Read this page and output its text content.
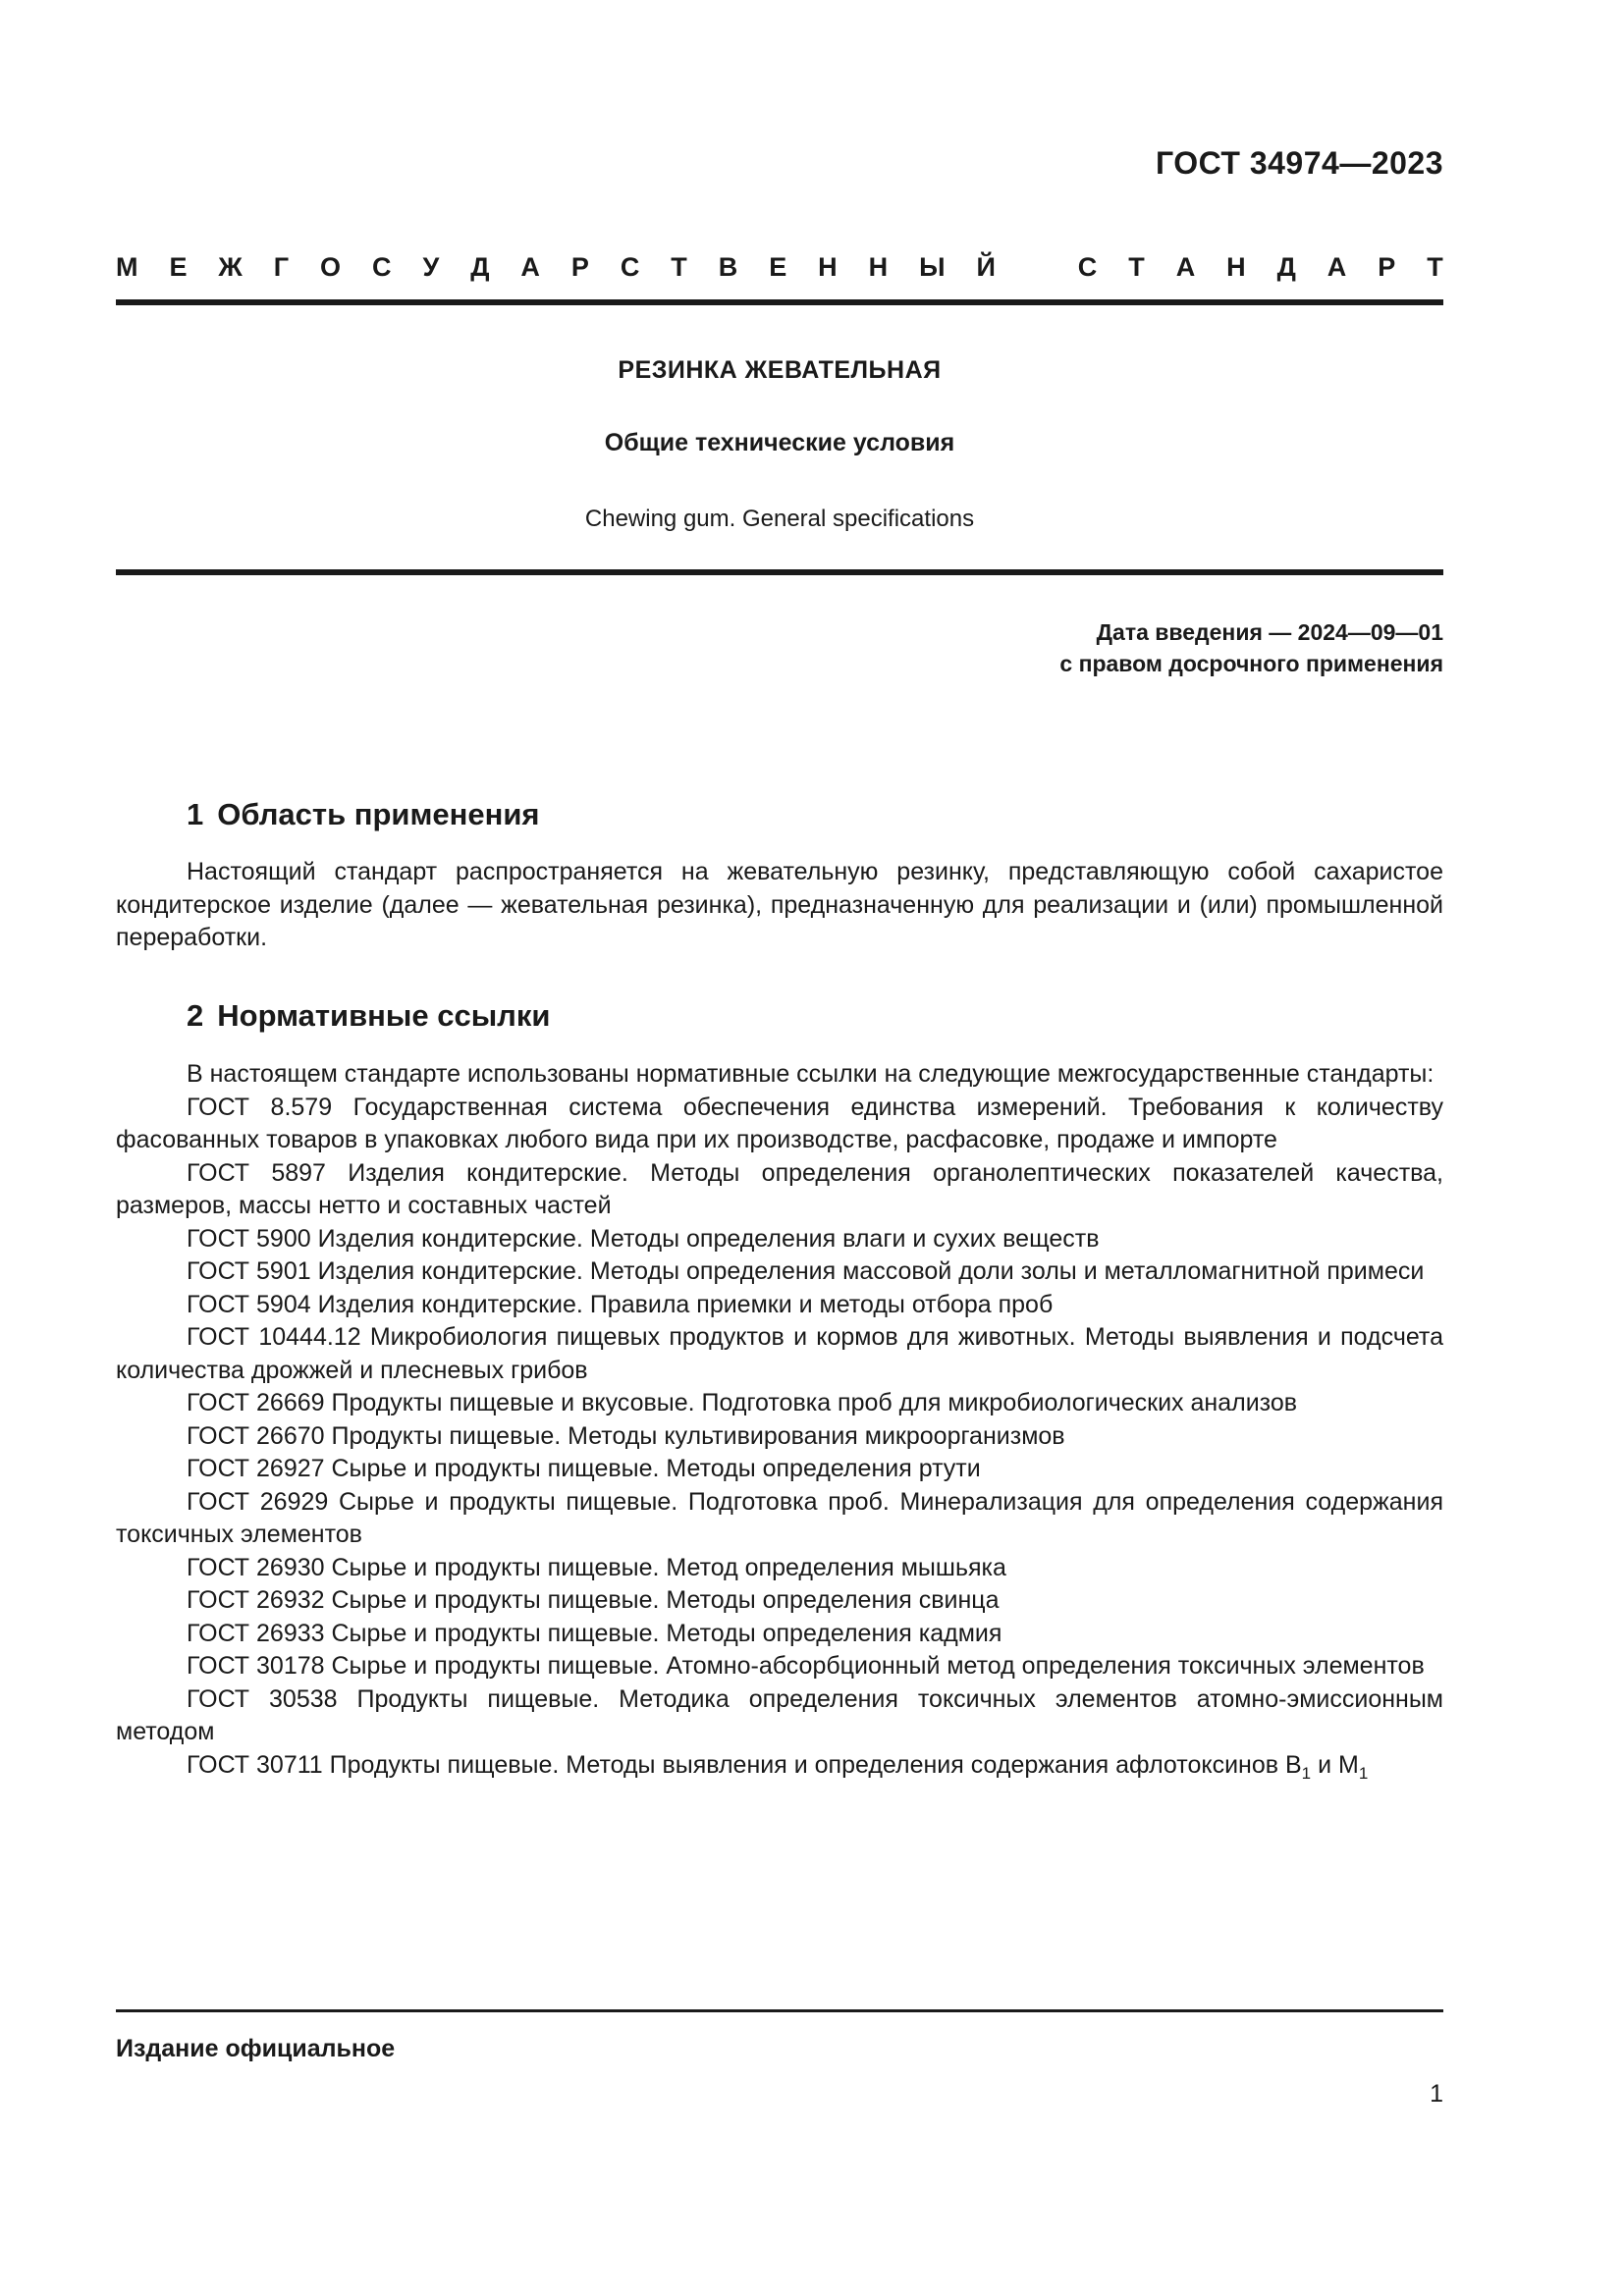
ГОСТ 34974—2023
М Е Ж Г О С У Д А Р С Т В Е Н Н Ы Й	С Т А Н Д А Р Т
РЕЗИНКА ЖЕВАТЕЛЬНАЯ
Общие технические условия
Chewing gum. General specifications
Дата введения — 2024—09—01
с правом досрочного применения
1 Область применения

Настоящий стандарт распространяется на жевательную резинку, представляющую собой сахаристое кондитерское изделие (далее — жевательная резинка), предназначенную для реализации и (или) промышленной переработки.

2 Нормативные ссылки

В настоящем стандарте использованы нормативные ссылки на следующие межгосударственные стандарты:

ГОСТ 8.579 Государственная система обеспечения единства измерений. Требования к количеству фасованных товаров в упаковках любого вида при их производстве, расфасовке, продаже и импорте

ГОСТ 5897 Изделия кондитерские. Методы определения органолептических показателей качества, размеров, массы нетто и составных частей

ГОСТ 5900 Изделия кондитерские. Методы определения влаги и сухих веществ

ГОСТ 5901 Изделия кондитерские. Методы определения массовой доли золы и металломагнитной примеси

ГОСТ 5904 Изделия кондитерские. Правила приемки и методы отбора проб

ГОСТ 10444.12 Микробиология пищевых продуктов и кормов для животных. Методы выявления и подсчета количества дрожжей и плесневых грибов

ГОСТ 26669 Продукты пищевые и вкусовые. Подготовка проб для микробиологических анализов

ГОСТ 26670 Продукты пищевые. Методы культивирования микроорганизмов

ГОСТ 26927 Сырье и продукты пищевые. Методы определения ртути

ГОСТ 26929 Сырье и продукты пищевые. Подготовка проб. Минерализация для определения содержания токсичных элементов

ГОСТ 26930 Сырье и продукты пищевые. Метод определения мышьяка

ГОСТ 26932 Сырье и продукты пищевые. Методы определения свинца

ГОСТ 26933 Сырье и продукты пищевые. Методы определения кадмия

ГОСТ 30178 Сырье и продукты пищевые. Атомно-абсорбционный метод определения токсичных элементов

ГОСТ 30538 Продукты пищевые. Методика определения токсичных элементов атомно-эмиссионным методом

ГОСТ 30711 Продукты пищевые. Методы выявления и определения содержания афлотоксинов $B_1$ и $M_1$

Издание официальное
1
